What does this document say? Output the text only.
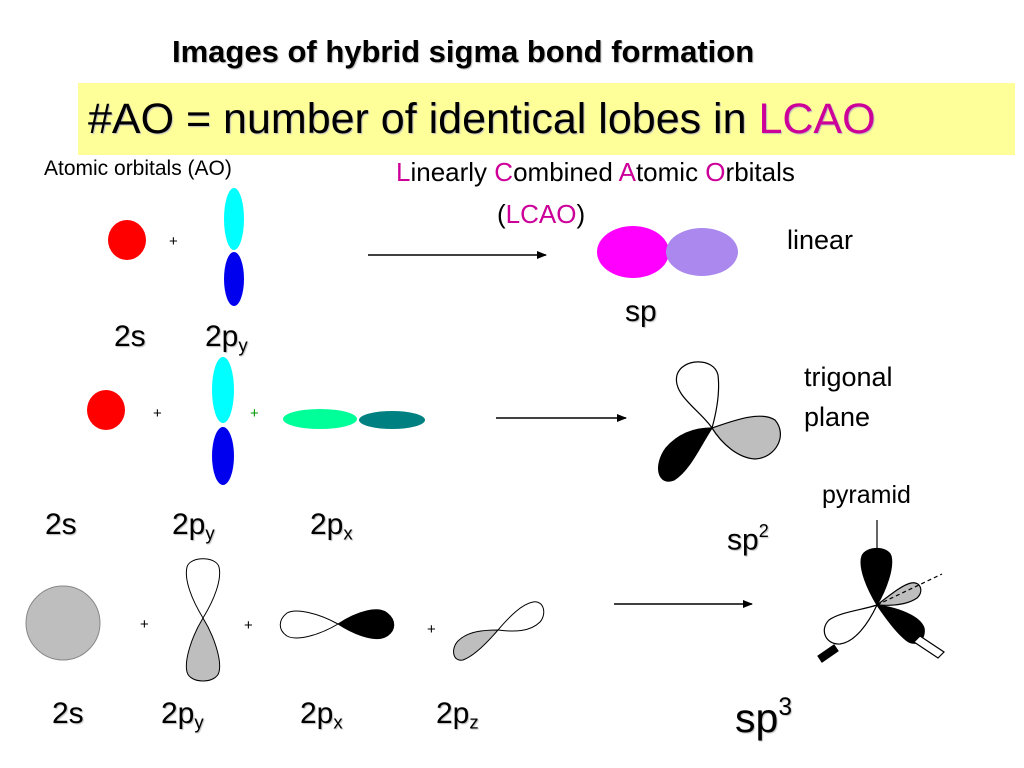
Images of hybrid sigma bond formation
#AO = number of identical lobes in LCAO
Atomic orbitals (AO)	Linearly Combined Atomic Orbitals
(LCAO)
+
+	+
+	+	+
2s $2p_y$
sp
linear
2s	$2p_y$	$2p_x$	$sp^2$
trigonal
plane
2s	$2p_y$	$2p_x$	$2p_z$	$sp^3$
pyramid
